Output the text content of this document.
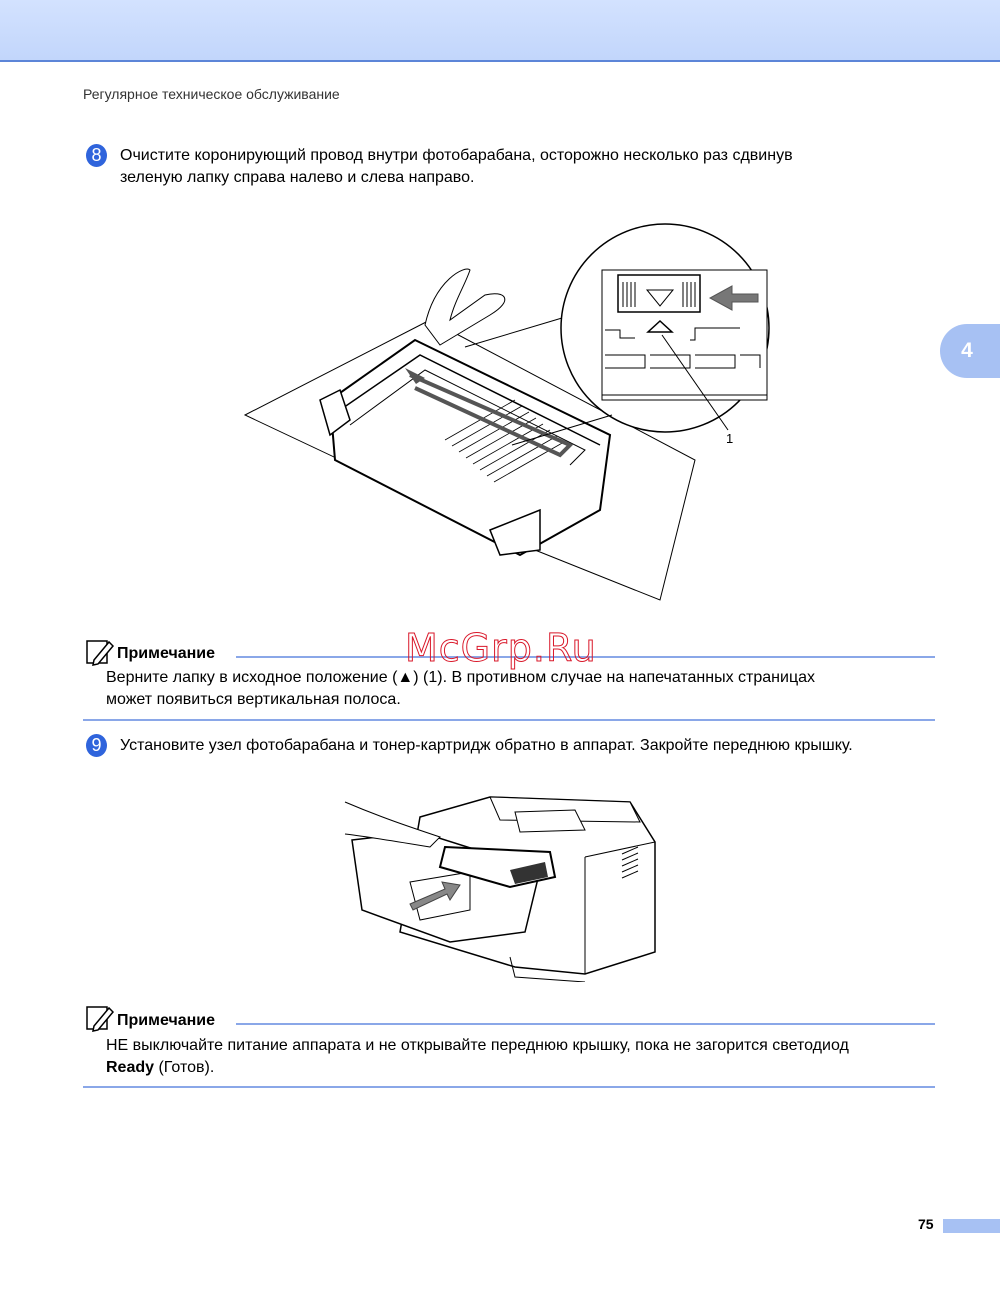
Регулярное техническое обслуживание
4
8	Очистите коронирующий провод внутри фотобарабана, осторожно несколько раз сдвинув
зеленую лапку справа налево и слева направо.
1
Примечание
Верните лапку в исходное положение (▲) (1). В противном случае на напечатанных страницах
может появиться вертикальная полоса.
9	Установите узел фотобарабана и тонер-картридж обратно в аппарат. Закройте переднюю крышку.
Примечание
НЕ выключайте питание аппарата и не открывайте переднюю крышку, пока не загорится светодиод
Ready (Готов).
McGrp.Ru
75
